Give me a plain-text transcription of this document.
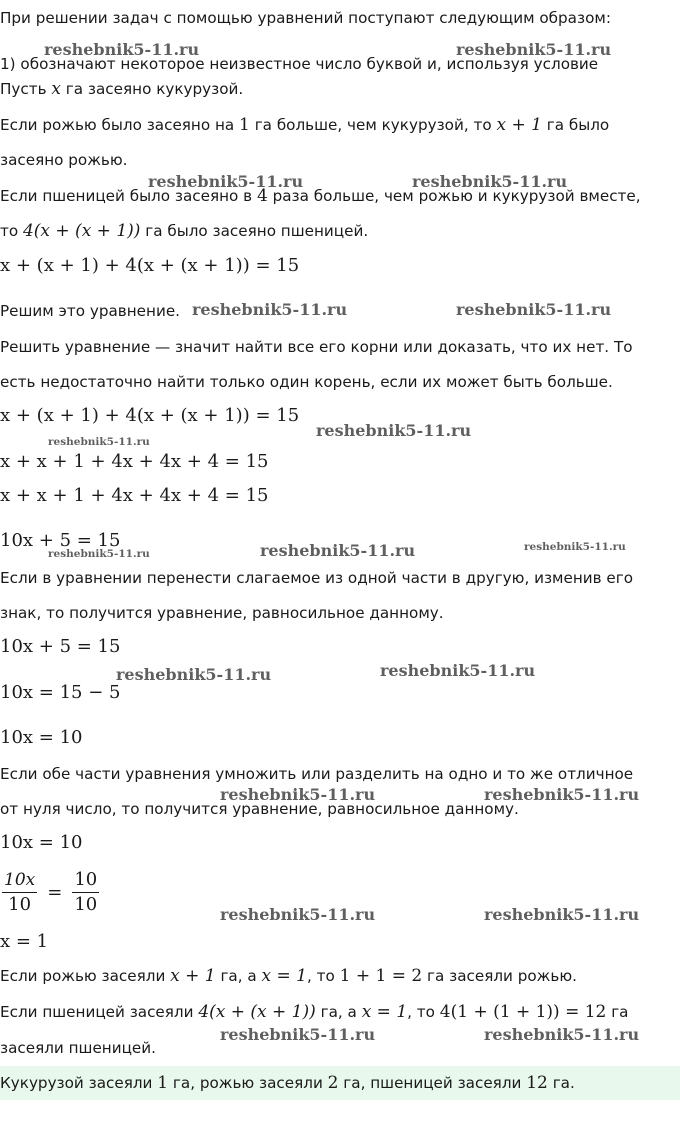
При решении задач с помощью уравнений поступают следующим образом:
1) обозначают некоторое неизвестное число буквой и, используя условие
Пусть x га засеяно кукурузой.
Если рожью было засеяно на 1 га больше, чем кукурузой, то x + 1 га было
засеяно рожью.
Если пшеницей было засеяно в 4 раза больше, чем рожью и кукурузой вместе,
то 4(x + (x + 1)) га было засеяно пшеницей.
x + (x + 1) + 4(x + (x + 1)) = 15
Решим это уравнение.
Решить уравнение — значит найти все его корни или доказать, что их нет. То
есть недостаточно найти только один корень, если их может быть больше.
x + (x + 1) + 4(x + (x + 1)) = 15
x + x + 1 + 4x + 4x + 4 = 15
x + x + 1 + 4x + 4x + 4 = 15
10x + 5 = 15
Если в уравнении перенести слагаемое из одной части в другую, изменив его
знак, то получится уравнение, равносильное данному.
10x + 5 = 15
10x = 15 − 5
10x = 10
Если обе части уравнения умножить или разделить на одно и то же отличное
от нуля число, то получится уравнение, равносильное данному.
10x = 10
$\frac{10x}{10} = \frac{10}{10}$
x = 1
Если рожью засеяли x + 1 га, а x = 1, то 1 + 1 = 2 га засеяли рожью.
Если пшеницей засеяли 4(x + (x + 1)) га, а x = 1, то 4(1 + (1 + 1)) = 12 га
засеяли пшеницей.
Кукурузой засеяли 1 га, рожью засеяли 2 га, пшеницей засеяли 12 га.
reshebnik5-11.ru	reshebnik5-11.ru
reshebnik5-11.ru	reshebnik5-11.ru
reshebnik5-11.ru	reshebnik5-11.ru
reshebnik5-11.ru
reshebnik5-11.ru
reshebnik5-11.ru	reshebnik5-11.ru	reshebnik5-11.ru
reshebnik5-11.ru	reshebnik5-11.ru
reshebnik5-11.ru	reshebnik5-11.ru
reshebnik5-11.ru	reshebnik5-11.ru
reshebnik5-11.ru	reshebnik5-11.ru
